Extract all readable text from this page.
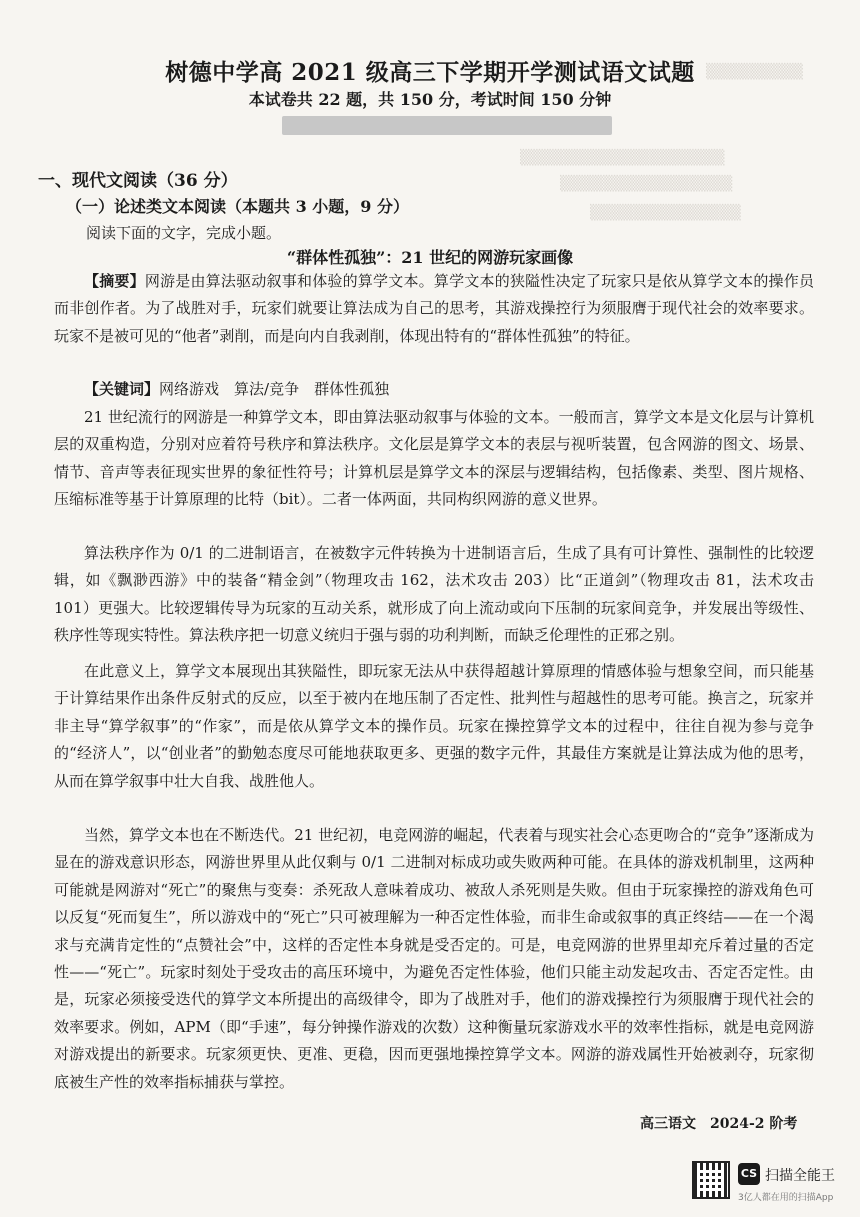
▒▒▒▒▒▒▒▒▒
▒▒▒▒▒▒▒▒▒▒▒▒▒▒▒▒▒▒▒
▒▒▒▒▒▒▒▒▒▒▒▒▒▒▒▒
▒▒▒▒▒▒▒▒▒▒▒▒▒▒
树德中学高 2021 级高三下学期开学测试语文试题
本试卷共 22 题，共 150 分，考试时间 150 分钟
一、现代文阅读（36 分）
（一）论述类文本阅读（本题共 3 小题，9 分）
阅读下面的文字，完成小题。
“群体性孤独”：21 世纪的网游玩家画像

【摘要】网游是由算法驱动叙事和体验的算学文本。算学文本的狭隘性决定了玩家只是依从算学文本的操作员而非创作者。为了战胜对手，玩家们就要让算法成为自己的思考，其游戏操控行为须服膺于现代社会的效率要求。玩家不是被可见的“他者”剥削，而是向内自我剥削，体现出特有的“群体性孤独”的特征。

【关键词】网络游戏　算法/竞争　群体性孤独

21 世纪流行的网游是一种算学文本，即由算法驱动叙事与体验的文本。一般而言，算学文本是文化层与计算机层的双重构造，分别对应着符号秩序和算法秩序。文化层是算学文本的表层与视听装置，包含网游的图文、场景、情节、音声等表征现实世界的象征性符号；计算机层是算学文本的深层与逻辑结构，包括像素、类型、图片规格、压缩标准等基于计算原理的比特（bit）。二者一体两面，共同构织网游的意义世界。

算法秩序作为 0/1 的二进制语言，在被数字元件转换为十进制语言后，生成了具有可计算性、强制性的比较逻辑，如《飘渺西游》中的装备“精金剑”（物理攻击 162，法术攻击 203）比“正道剑”（物理攻击 81，法术攻击 101）更强大。比较逻辑传导为玩家的互动关系，就形成了向上流动或向下压制的玩家间竞争，并发展出等级性、秩序性等现实特性。算法秩序把一切意义统归于强与弱的功利判断，而缺乏伦理性的正邪之别。

在此意义上，算学文本展现出其狭隘性，即玩家无法从中获得超越计算原理的情感体验与想象空间，而只能基于计算结果作出条件反射式的反应，以至于被内在地压制了否定性、批判性与超越性的思考可能。换言之，玩家并非主导“算学叙事”的“作家”，而是依从算学文本的操作员。玩家在操控算学文本的过程中，往往自视为参与竞争的“经济人”，以“创业者”的勤勉态度尽可能地获取更多、更强的数字元件，其最佳方案就是让算法成为他的思考，从而在算学叙事中壮大自我、战胜他人。

当然，算学文本也在不断迭代。21 世纪初，电竞网游的崛起，代表着与现实社会心态更吻合的“竞争”逐渐成为显在的游戏意识形态，网游世界里从此仅剩与 0/1 二进制对标成功或失败两种可能。在具体的游戏机制里，这两种可能就是网游对“死亡”的聚焦与变奏：杀死敌人意味着成功、被敌人杀死则是失败。但由于玩家操控的游戏角色可以反复“死而复生”，所以游戏中的“死亡”只可被理解为一种否定性体验，而非生命或叙事的真正终结——在一个渴求与充满肯定性的“点赞社会”中，这样的否定性本身就是受否定的。可是，电竞网游的世界里却充斥着过量的否定性——“死亡”。玩家时刻处于受攻击的高压环境中，为避免否定性体验，他们只能主动发起攻击、否定否定性。由是，玩家必须接受迭代的算学文本所提出的高级律令，即为了战胜对手，他们的游戏操控行为须服膺于现代社会的效率要求。例如，APM（即“手速”，每分钟操作游戏的次数）这种衡量玩家游戏水平的效率性指标，就是电竞网游对游戏提出的新要求。玩家须更快、更准、更稳，因而更强地操控算学文本。网游的游戏属性开始被剥夺，玩家彻底被生产性的效率指标捕获与掌控。

高三语文　2024-2 阶考
CS 扫描全能王
3亿人都在用的扫描App
